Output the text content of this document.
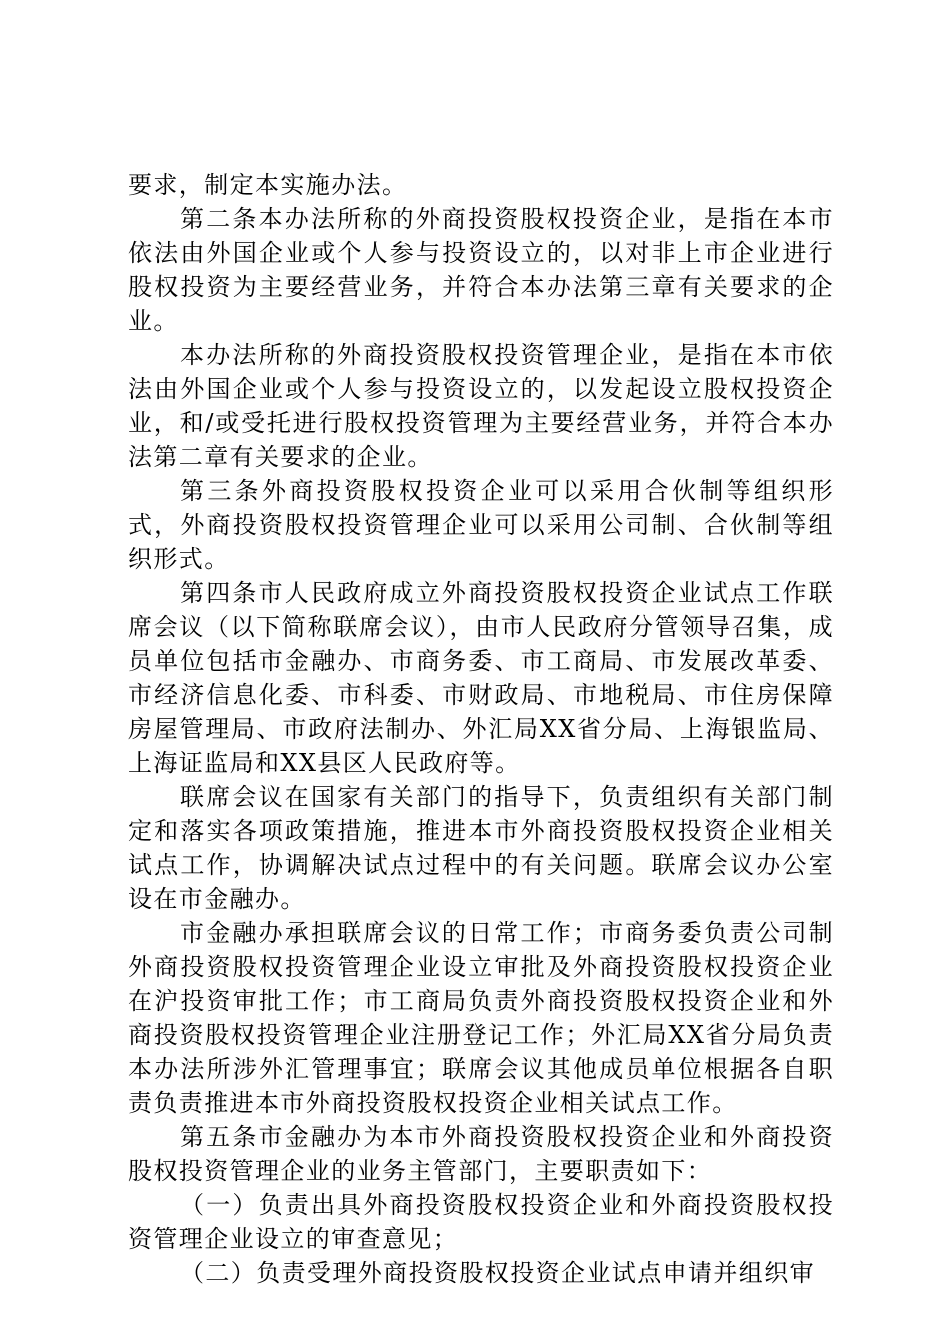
要求，制定本实施办法。

第二条本办法所称的外商投资股权投资企业，是指在本市依法由外国企业或个人参与投资设立的，以对非上市企业进行股权投资为主要经营业务，并符合本办法第三章有关要求的企业。

本办法所称的外商投资股权投资管理企业，是指在本市依法由外国企业或个人参与投资设立的，以发起设立股权投资企业，和/或受托进行股权投资管理为主要经营业务，并符合本办法第二章有关要求的企业。

第三条外商投资股权投资企业可以采用合伙制等组织形式，外商投资股权投资管理企业可以采用公司制、合伙制等组织形式。

第四条市人民政府成立外商投资股权投资企业试点工作联席会议（以下简称联席会议），由市人民政府分管领导召集，成员单位包括市金融办、市商务委、市工商局、市发展改革委、市经济信息化委、市科委、市财政局、市地税局、市住房保障房屋管理局、市政府法制办、外汇局XX省分局、上海银监局、上海证监局和XX县区人民政府等。

联席会议在国家有关部门的指导下，负责组织有关部门制定和落实各项政策措施，推进本市外商投资股权投资企业相关试点工作，协调解决试点过程中的有关问题。联席会议办公室设在市金融办。

市金融办承担联席会议的日常工作；市商务委负责公司制外商投资股权投资管理企业设立审批及外商投资股权投资企业在沪投资审批工作；市工商局负责外商投资股权投资企业和外商投资股权投资管理企业注册登记工作；外汇局XX省分局负责本办法所涉外汇管理事宜；联席会议其他成员单位根据各自职责负责推进本市外商投资股权投资企业相关试点工作。

第五条市金融办为本市外商投资股权投资企业和外商投资股权投资管理企业的业务主管部门，主要职责如下：

（一）负责出具外商投资股权投资企业和外商投资股权投资管理企业设立的审查意见；

（二）负责受理外商投资股权投资企业试点申请并组织审
